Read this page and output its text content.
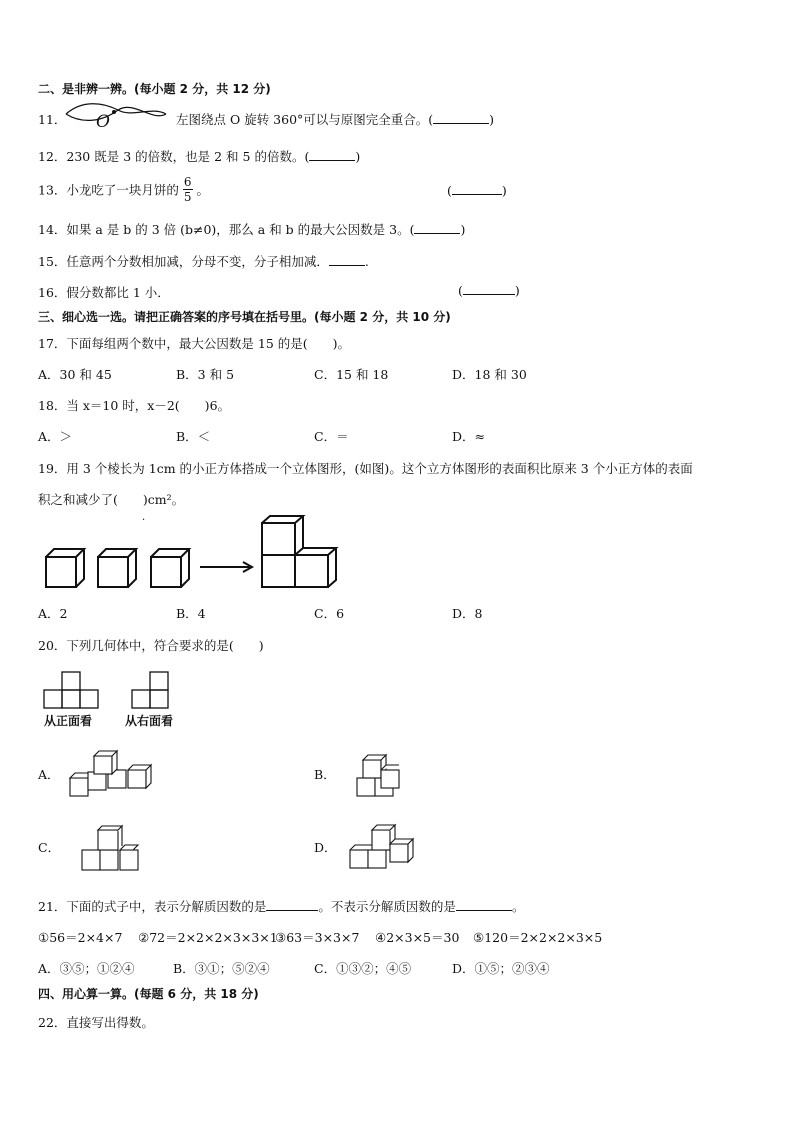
二、是非辨一辨。(每小题 2 分，共 12 分)
11． O	左图绕点 O 旋转 360°可以与原图完全重合。(	)
12．230 既是 3 的倍数，也是 2 和 5 的倍数。(	)
13．小龙吃了一块月饼的 $\frac{6}{5}$ 。	(	)
14．如果 a 是 b 的 3 倍 (b≠0)，那么 a 和 b 的最大公因数是 3。(	)
15．任意两个分数相加减，分母不变，分子相加减．	.
16．假分数都比 1 小．	(	)
三、细心选一选。请把正确答案的序号填在括号里。(每小题 2 分，共 10 分)
17．下面每组两个数中，最大公因数是 15 的是(　　)。
A．30 和 45	B．3 和 5	C．15 和 18	D．18 和 30
18．当 x＝10 时，x－2(　　)6。
A．＞	B．＜	C．＝	D．≈
19．用 3 个棱长为 1cm 的小正方体搭成一个立体图形，(如图)。这个立方体图形的表面积比原来 3 个小正方体的表面
积之和减少了(　　)cm²。
·
A．2	B．4	C．6	D．8
20．下列几何体中，符合要求的是(　　)
从正面看	从右面看
A．	B．
C．	D．
21．下面的式子中，表示分解质因数的是	。不表示分解质因数的是	。
①56＝2×4×7 ②72＝2×2×2×3×3×1
③63＝3×3×7 ④2×3×5＝30 ⑤120＝2×2×2×3×5
A．③⑤；①②④	B．③①；⑤②④	C．①③②；④⑤	D．①⑤；②③④
四、用心算一算。(每题 6 分，共 18 分)
22．直接写出得数。
